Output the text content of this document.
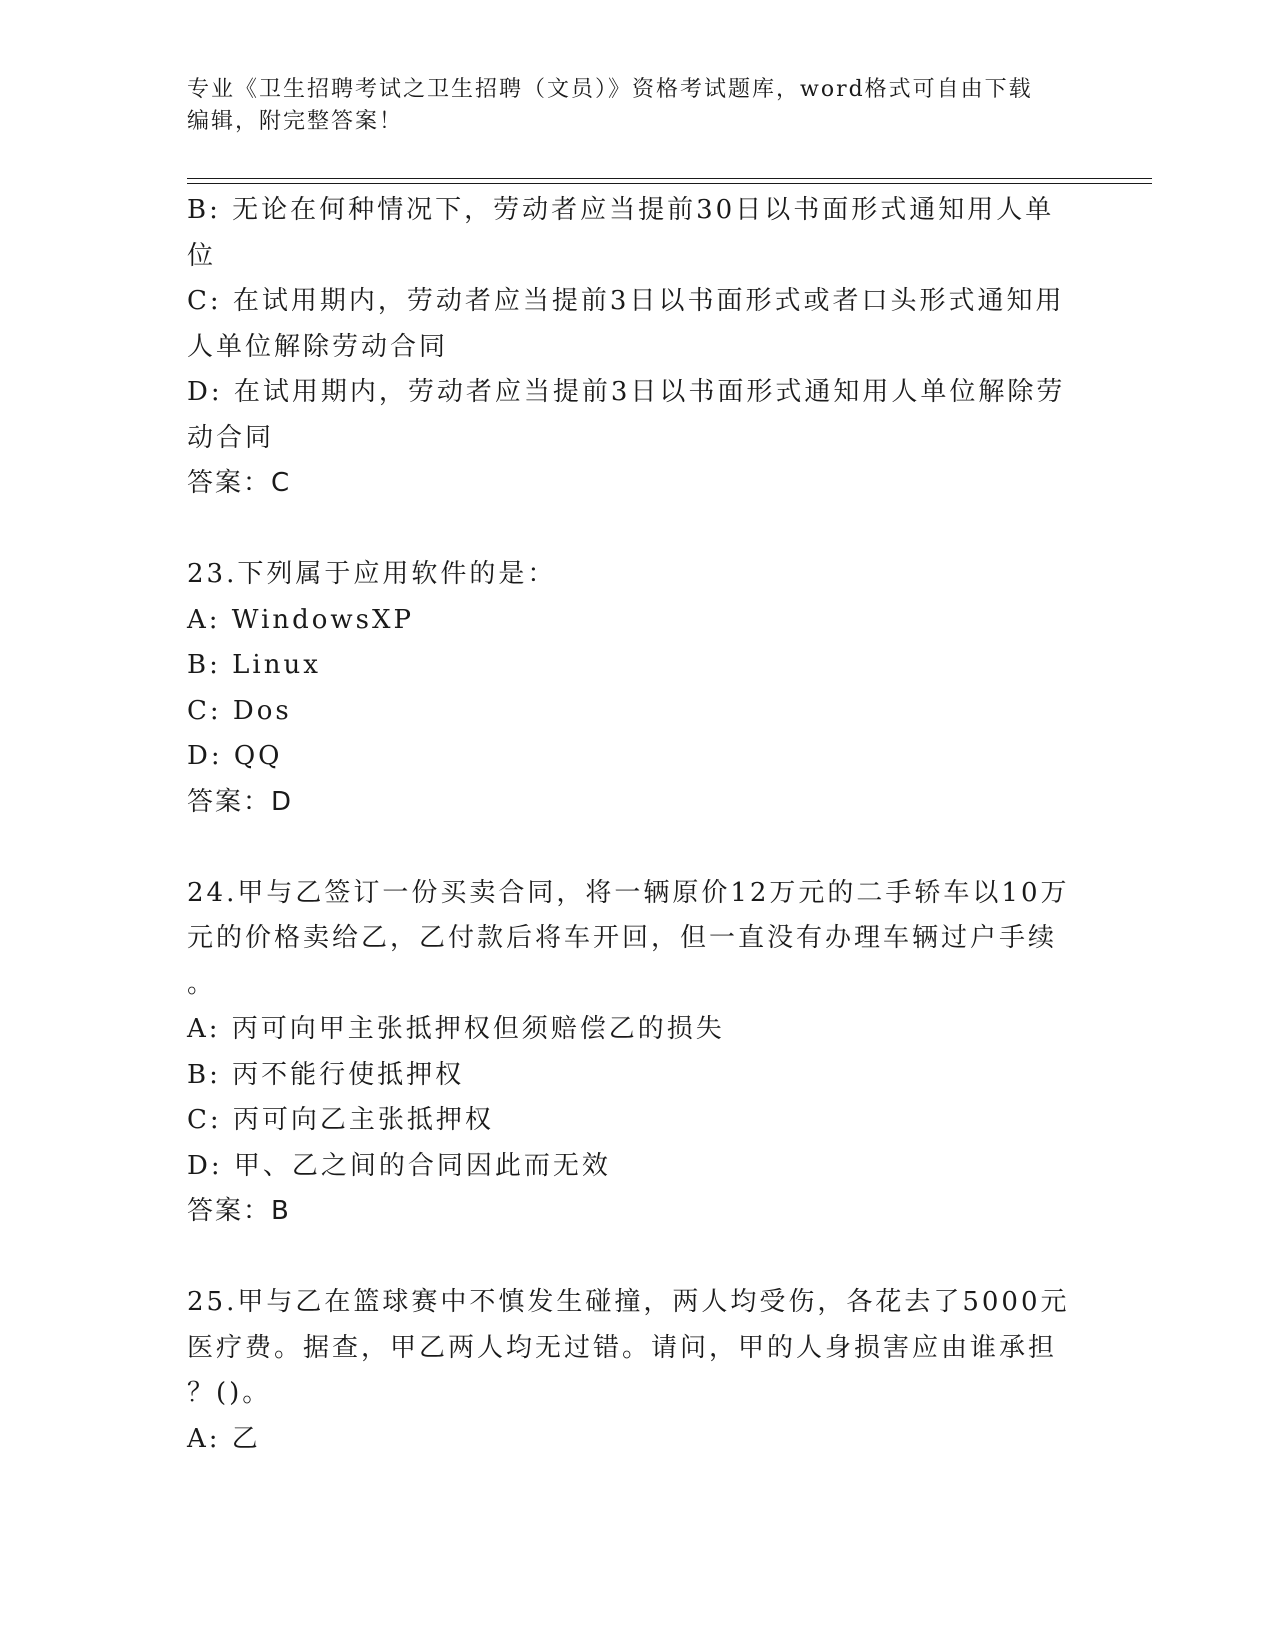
专业《卫生招聘考试之卫生招聘（文员）》资格考试题库，word格式可自由下载
编辑，附完整答案！
B: 无论在何种情况下，劳动者应当提前30日以书面形式通知用人单
位
C: 在试用期内，劳动者应当提前3日以书面形式或者口头形式通知用
人单位解除劳动合同
D: 在试用期内，劳动者应当提前3日以书面形式通知用人单位解除劳
动合同
答案：C
23.下列属于应用软件的是：
A: WindowsXP
B: Linux
C: Dos
D: QQ
答案：D
24.甲与乙签订一份买卖合同，将一辆原价12万元的二手轿车以10万
元的价格卖给乙，乙付款后将车开回，但一直没有办理车辆过户手续
。
A: 丙可向甲主张抵押权但须赔偿乙的损失
B: 丙不能行使抵押权
C: 丙可向乙主张抵押权
D: 甲、乙之间的合同因此而无效
答案：B
25.甲与乙在篮球赛中不慎发生碰撞，两人均受伤，各花去了5000元
医疗费。据查，甲乙两人均无过错。请问，甲的人身损害应由谁承担
？()。
A: 乙
